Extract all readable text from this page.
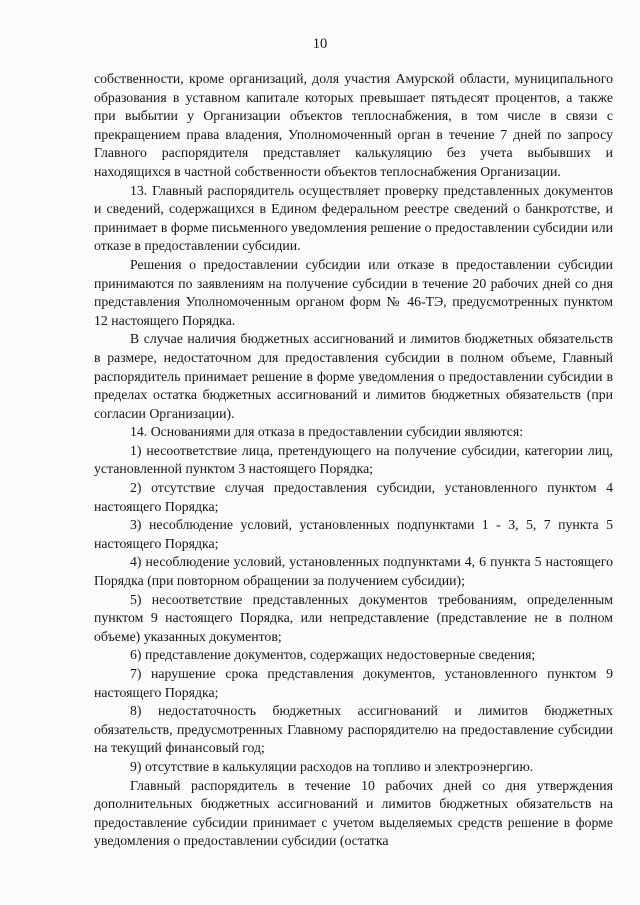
10

собственности, кроме организаций, доля участия Амурской области, муниципального образования в уставном капитале которых превышает пятьдесят процентов, а также при выбытии у Организации объектов теплоснабжения, в том числе в связи с прекращением права владения, Уполномоченный орган в течение 7 дней по запросу Главного распорядителя представляет калькуляцию без учета выбывших и находящихся в частной собственности объектов теплоснабжения Организации.

13. Главный распорядитель осуществляет проверку представленных документов и сведений, содержащихся в Едином федеральном реестре сведений о банкротстве, и принимает в форме письменного уведомления решение о предоставлении субсидии или отказе в предоставлении субсидии.

Решения о предоставлении субсидии или отказе в предоставлении субсидии принимаются по заявлениям на получение субсидии в течение 20 рабочих дней со дня представления Уполномоченным органом форм № 46-ТЭ, предусмотренных пунктом 12 настоящего Порядка.

В случае наличия бюджетных ассигнований и лимитов бюджетных обязательств в размере, недостаточном для предоставления субсидии в полном объеме, Главный распорядитель принимает решение в форме уведомления о предоставлении субсидии в пределах остатка бюджетных ассигнований и лимитов бюджетных обязательств (при согласии Организации).

14. Основаниями для отказа в предоставлении субсидии являются:

1) несоответствие лица, претендующего на получение субсидии, категории лиц, установленной пунктом 3 настоящего Порядка;

2) отсутствие случая предоставления субсидии, установленного пунктом 4 настоящего Порядка;

3) несоблюдение условий, установленных подпунктами 1 - 3, 5, 7 пункта 5 настоящего Порядка;

4) несоблюдение условий, установленных подпунктами 4, 6 пункта 5 настоящего Порядка (при повторном обращении за получением субсидии);

5) несоответствие представленных документов требованиям, определенным пунктом 9 настоящего Порядка, или непредставление (представление не в полном объеме) указанных документов;

6) представление документов, содержащих недостоверные сведения;

7) нарушение срока представления документов, установленного пунктом 9 настоящего Порядка;

8) недостаточность бюджетных ассигнований и лимитов бюджетных обязательств, предусмотренных Главному распорядителю на предоставление субсидии на текущий финансовый год;

9) отсутствие в калькуляции расходов на топливо и электроэнергию.

Главный распорядитель в течение 10 рабочих дней со дня утверждения дополнительных бюджетных ассигнований и лимитов бюджетных обязательств на предоставление субсидии принимает с учетом выделяемых средств решение в форме уведомления о предоставлении субсидии (остатка
